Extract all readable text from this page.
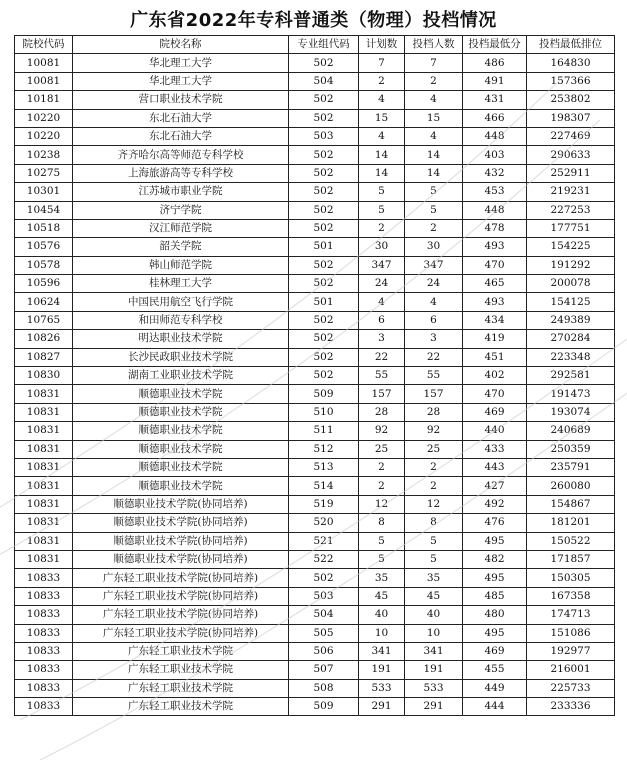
广东省2022年专科普通类（物理）投档情况
院校代码	院校名称	专业组代码	计划数	投档人数	投档最低分	投档最低排位
10081	华北理工大学	502	7	7	486	164830
10081	华北理工大学	504	2	2	491	157366
10181	营口职业技术学院	502	4	4	431	253802
10220	东北石油大学	502	15	15	466	198307
10220	东北石油大学	503	4	4	448	227469
10238	齐齐哈尔高等师范专科学校	502	14	14	403	290633
10275	上海旅游高等专科学校	502	14	14	432	252911
10301	江苏城市职业学院	502	5	5	453	219231
10454	济宁学院	502	5	5	448	227253
10518	汉江师范学院	502	2	2	478	177751
10576	韶关学院	501	30	30	493	154225
10578	韩山师范学院	502	347	347	470	191292
10596	桂林理工大学	502	24	24	465	200078
10624	中国民用航空飞行学院	501	4	4	493	154125
10765	和田师范专科学校	502	6	6	434	249389
10826	明达职业技术学院	502	3	3	419	270284
10827	长沙民政职业技术学院	502	22	22	451	223348
10830	湖南工业职业技术学院	502	55	55	402	292581
10831	顺德职业技术学院	509	157	157	470	191473
10831	顺德职业技术学院	510	28	28	469	193074
10831	顺德职业技术学院	511	92	92	440	240689
10831	顺德职业技术学院	512	25	25	433	250359
10831	顺德职业技术学院	513	2	2	443	235791
10831	顺德职业技术学院	514	2	2	427	260080
10831	顺德职业技术学院(协同培养)	519	12	12	492	154867
10831	顺德职业技术学院(协同培养)	520	8	8	476	181201
10831	顺德职业技术学院(协同培养)	521	5	5	495	150522
10831	顺德职业技术学院(协同培养)	522	5	5	482	171857
10833	广东轻工职业技术学院(协同培养)	502	35	35	495	150305
10833	广东轻工职业技术学院(协同培养)	503	45	45	485	167358
10833	广东轻工职业技术学院(协同培养)	504	40	40	480	174713
10833	广东轻工职业技术学院(协同培养)	505	10	10	495	151086
10833	广东轻工职业技术学院	506	341	341	469	192977
10833	广东轻工职业技术学院	507	191	191	455	216001
10833	广东轻工职业技术学院	508	533	533	449	225733
10833	广东轻工职业技术学院	509	291	291	444	233336
